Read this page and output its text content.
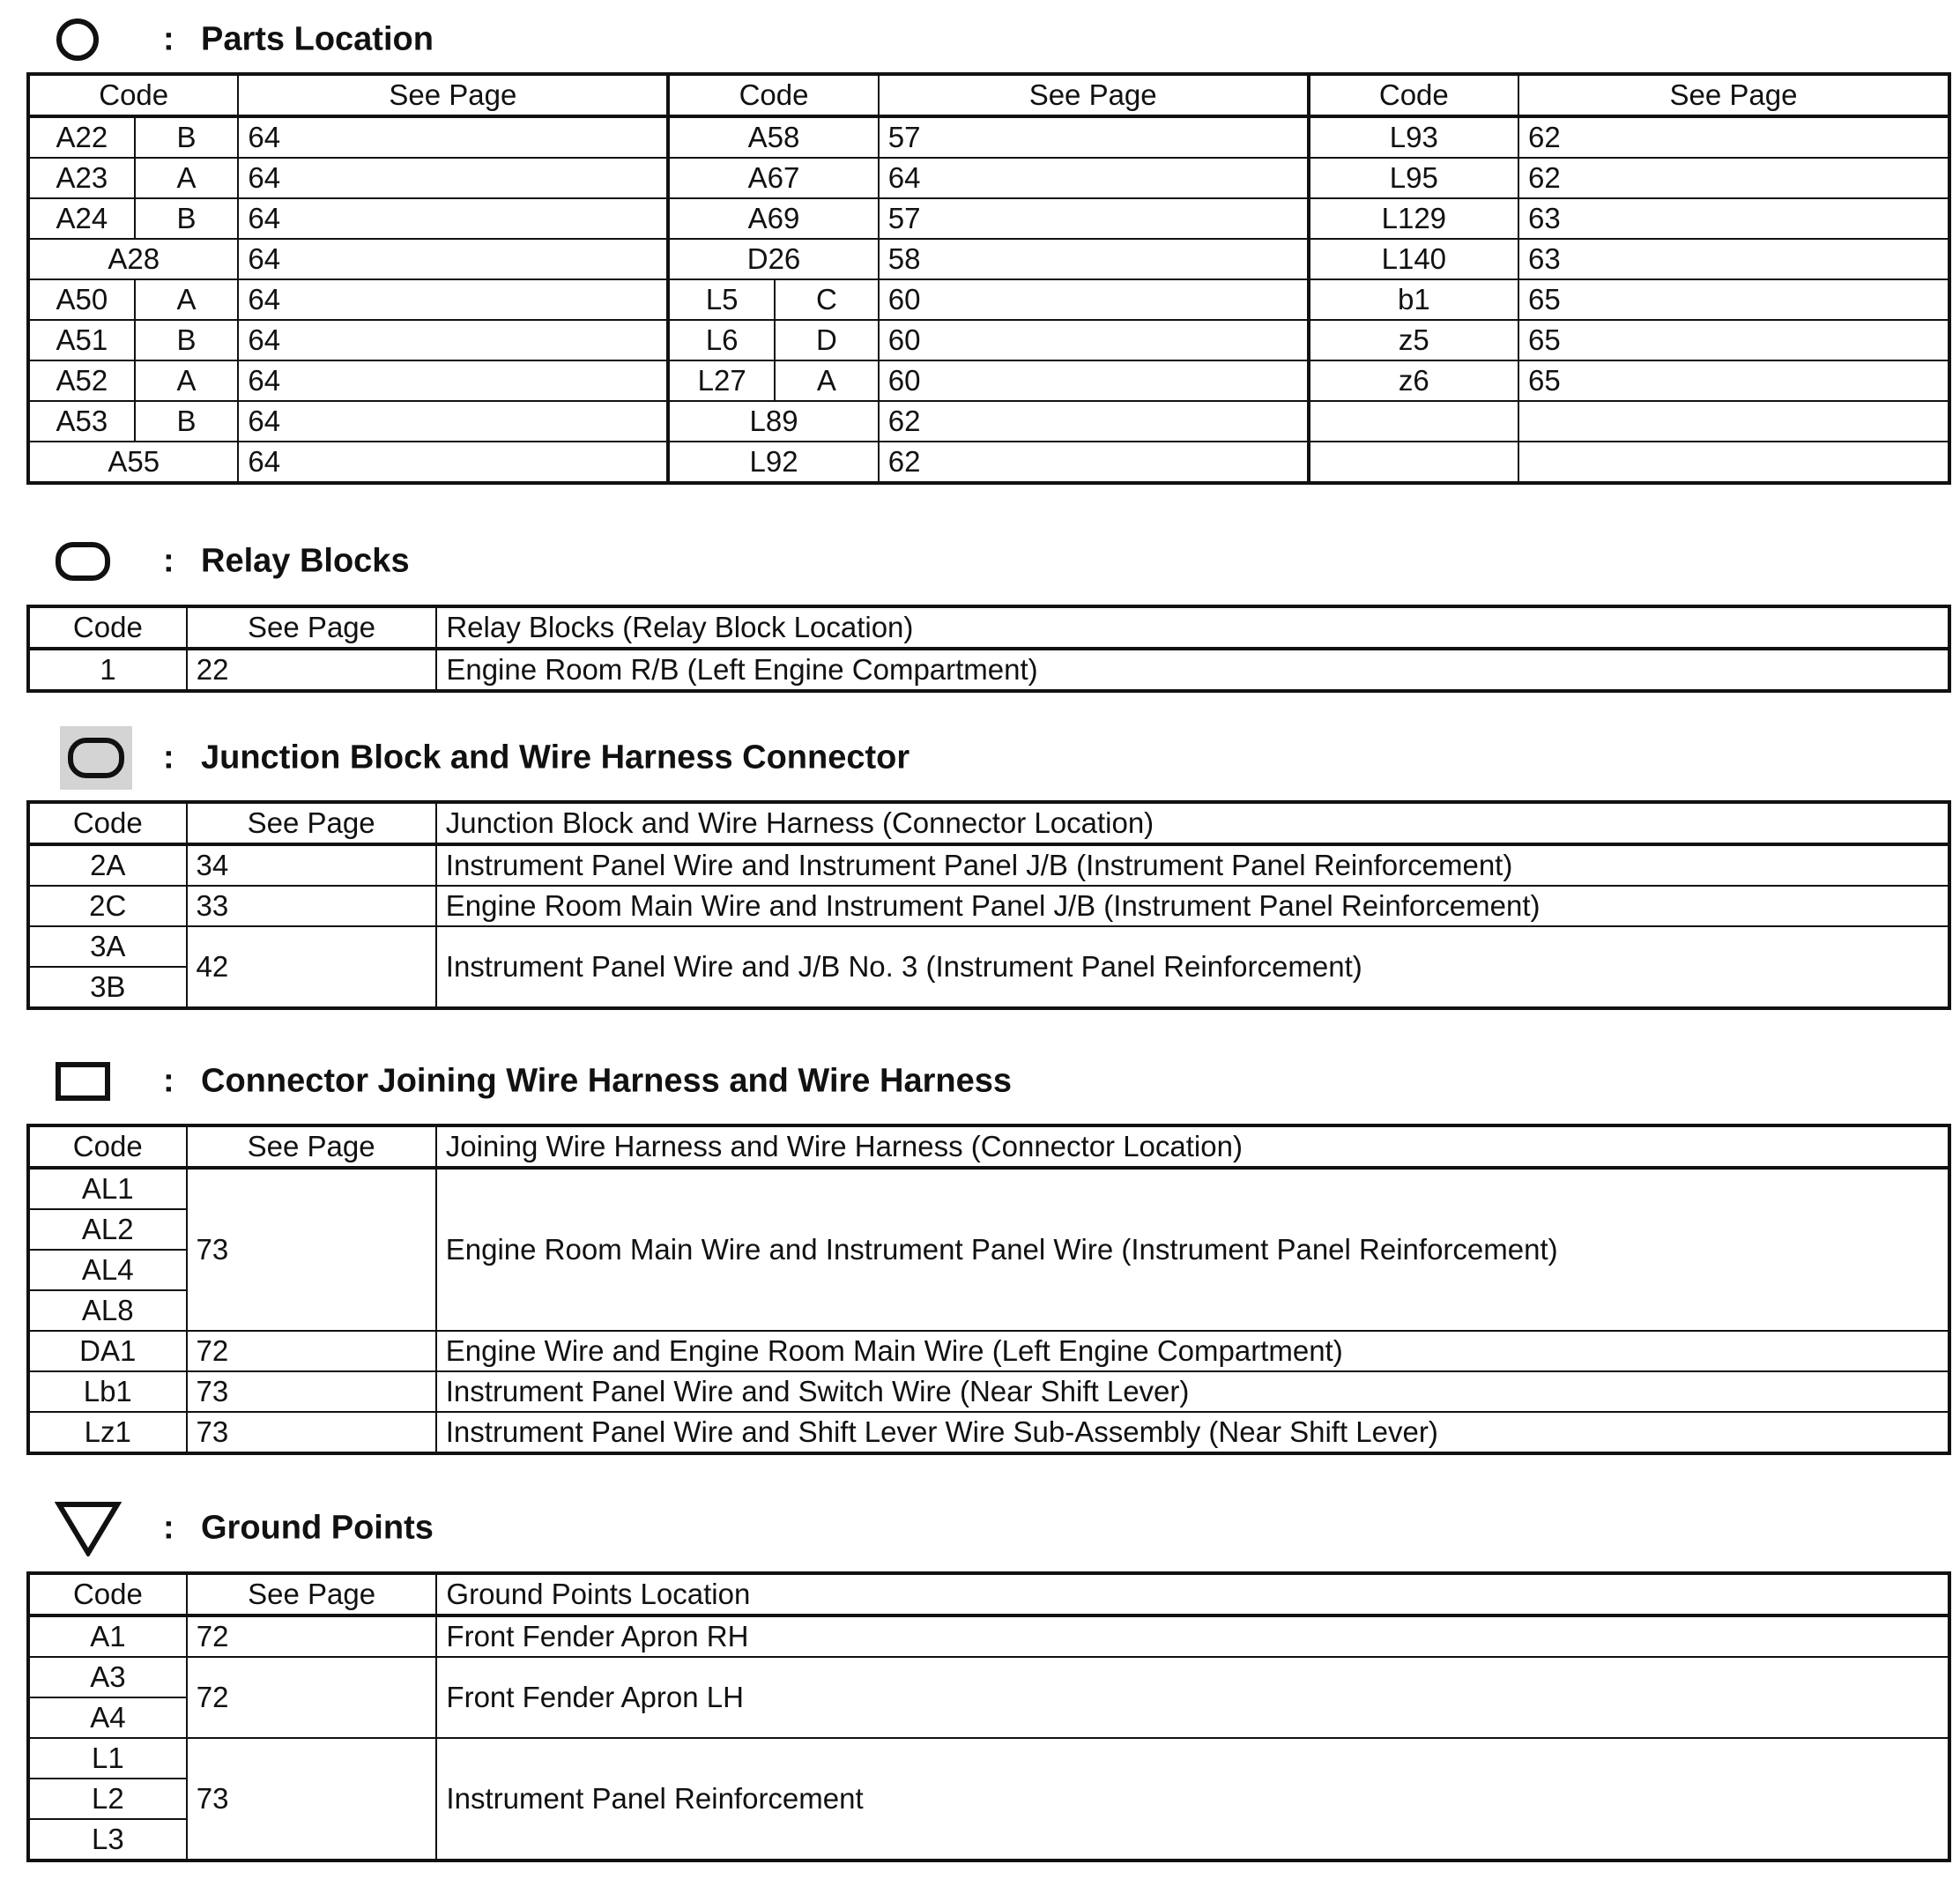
: Parts Location
Code		See Page	Code		See Page	Code	See Page
A22	B	64	A58		57	L93	62
A23	A	64	A67		64	L95	62
A24	B	64	A69		57	L129	63
A28		64	D26		58	L140	63
A50	A	64	L5	C	60	b1	65
A51	B	64	L6	D	60	z5	65
A52	A	64	L27	A	60	z6	65
A53	B	64	L89		62		
A55		64	L92		62		
: Relay Blocks
Code	See Page	Relay Blocks (Relay Block Location)
1	22	Engine Room R/B (Left Engine Compartment)
: Junction Block and Wire Harness Connector
Code	See Page	Junction Block and Wire Harness (Connector Location)
2A	34	Instrument Panel Wire and Instrument Panel J/B (Instrument Panel Reinforcement)
2C	33	Engine Room Main Wire and Instrument Panel J/B (Instrument Panel Reinforcement)
3A	42	Instrument Panel Wire and J/B No. 3 (Instrument Panel Reinforcement)
3B		
: Connector Joining Wire Harness and Wire Harness
Code	See Page	Joining Wire Harness and Wire Harness (Connector Location)
AL1	73	Engine Room Main Wire and Instrument Panel Wire (Instrument Panel Reinforcement)
AL2		
AL4		
AL8		
DA1	72	Engine Wire and Engine Room Main Wire (Left Engine Compartment)
Lb1	73	Instrument Panel Wire and Switch Wire (Near Shift Lever)
Lz1	73	Instrument Panel Wire and Shift Lever Wire Sub-Assembly (Near Shift Lever)
: Ground Points
Code	See Page	Ground Points Location
A1	72	Front Fender Apron RH
A3	72	Front Fender Apron LH
A4		
L1	73	Instrument Panel Reinforcement
L2		
L3		
